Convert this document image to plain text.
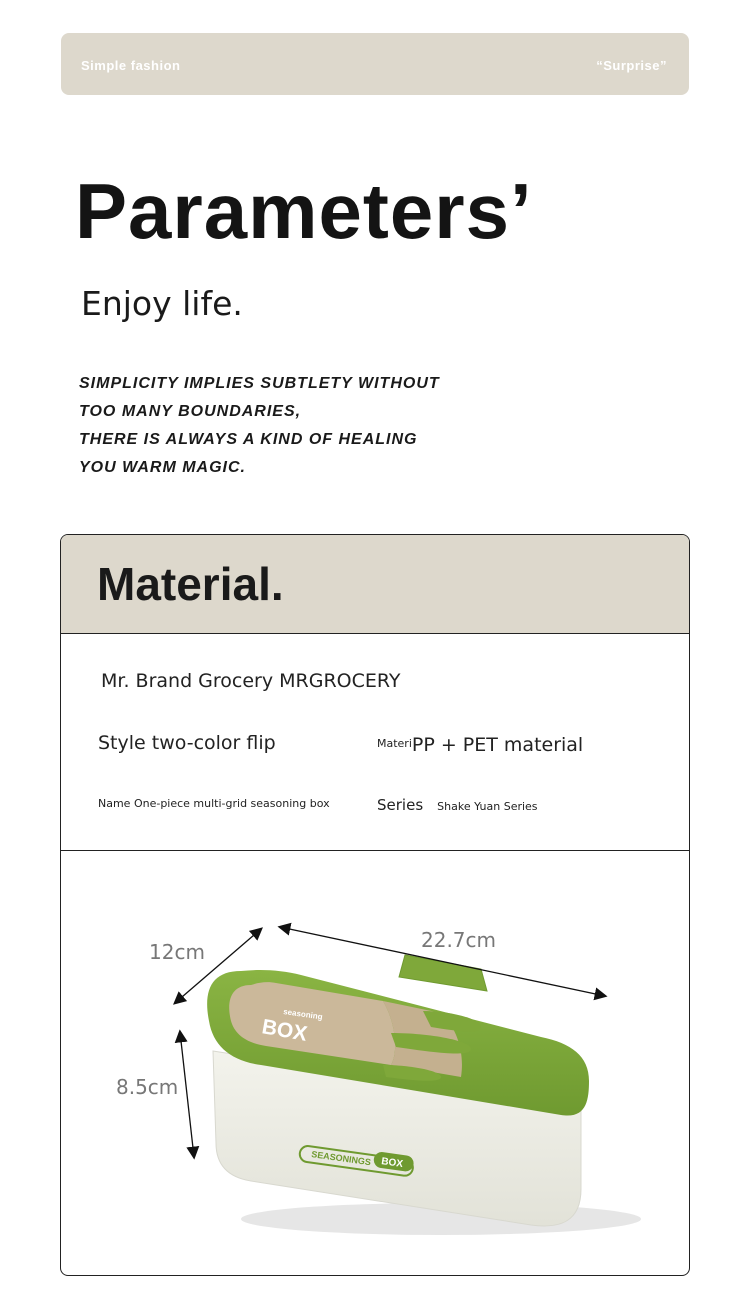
Simple fashion	“Surprise”
Parameters’
Enjoy life.
SIMPLICITY IMPLIES SUBTLETY WITHOUT
TOO MANY BOUNDARIES,
THERE IS ALWAYS A KIND OF HEALING
YOU WARM MAGIC.
Material.
Mr. Brand Grocery MRGROCERY
Style two-color flip	$^{Materi}$PP + PET material
Name One-piece multi-grid seasoning box	Series Shake Yuan Series
SEASONINGS BOX
seasoning
BOX
12cm	22.7cm
8.5cm
